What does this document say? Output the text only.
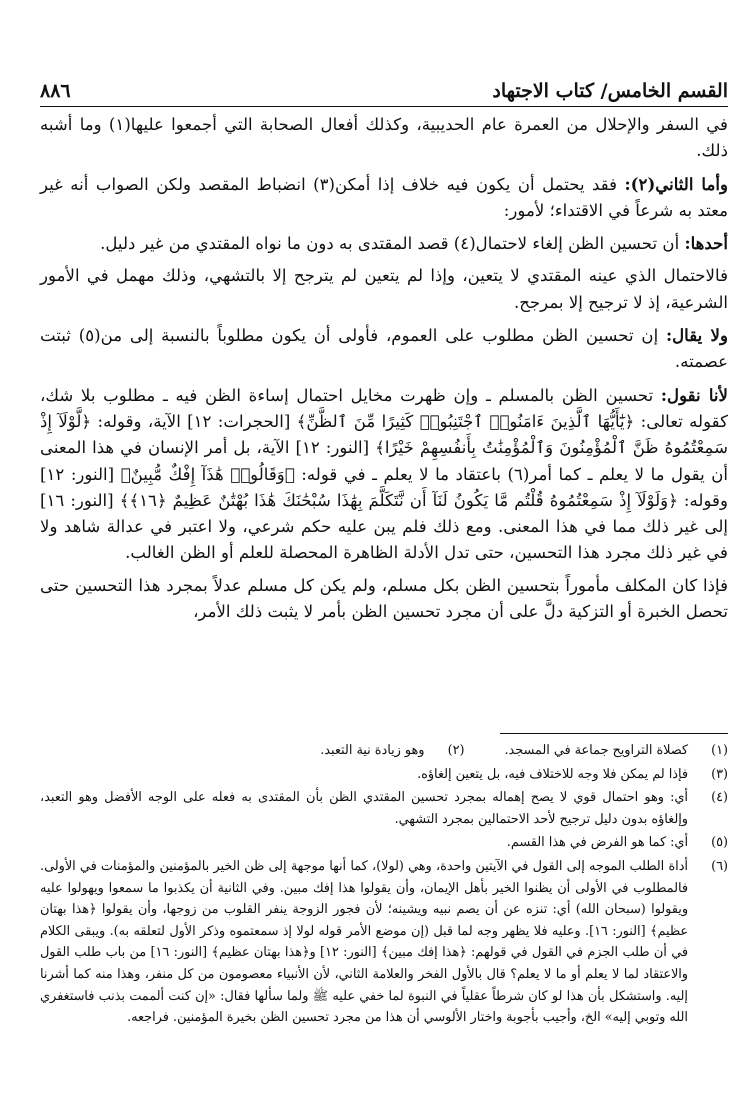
القسم الخامس/ كتاب الاجتهاد
٨٨٦

في السفر والإحلال من العمرة عام الحديبية، وكذلك أفعال الصحابة التي أجمعوا عليها(١) وما أشبه ذلك.

وأما الثاني(٢): فقد يحتمل أن يكون فيه خلاف إذا أمكن(٣) انضباط المقصد ولكن الصواب أنه غير معتد به شرعاً في الاقتداء؛ لأمور:

أحدها: أن تحسين الظن إلغاء لاحتمال(٤) قصد المقتدى به دون ما نواه المقتدي من غير دليل.

فالاحتمال الذي عينه المقتدي لا يتعين، وإذا لم يتعين لم يترجح إلا بالتشهي، وذلك مهمل في الأمور الشرعية، إذ لا ترجيح إلا بمرجح.

ولا يقال: إن تحسين الظن مطلوب على العموم، فأولى أن يكون مطلوباً بالنسبة إلى من(٥) ثبتت عصمته.

لأنا نقول: تحسين الظن بالمسلم ـ وإن ظهرت مخايل احتمال إساءة الظن فيه ـ مطلوب بلا شك، كقوله تعالى: ﴿يَٰٓأَيُّهَا ٱلَّذِينَ ءَامَنُوا۟ ٱجْتَنِبُوا۟ كَثِيرًا مِّنَ ٱلظَّنِّ﴾ [الحجرات: ١٢] الآية، وقوله: ﴿لَّوْلَآ إِذْ سَمِعْتُمُوهُ ظَنَّ ٱلْمُؤْمِنُونَ وَٱلْمُؤْمِنَٰتُ بِأَنفُسِهِمْ خَيْرًا﴾ [النور: ١٢] الآية، بل أمر الإنسان في هذا المعنى أن يقول ما لا يعلم ـ كما أمر(٦) باعتقاد ما لا يعلم ـ في قوله: ﴿وَقَالُوا۟ هَٰذَآ إِفْكٌ مُّبِينٌ﴾ [النور: ١٢] وقوله: ﴿وَلَوْلَآ إِذْ سَمِعْتُمُوهُ قُلْتُم مَّا يَكُونُ لَنَآ أَن نَّتَكَلَّمَ بِهَٰذَا سُبْحَٰنَكَ هَٰذَا بُهْتَٰنٌ عَظِيمٌ ﴿١٦﴾﴾ [النور: ١٦] إلى غير ذلك مما في هذا المعنى. ومع ذلك فلم يبن عليه حكم شرعي، ولا اعتبر في عدالة شاهد ولا في غير ذلك مجرد هذا التحسين، حتى تدل الأدلة الظاهرة المحصلة للعلم أو الظن الغالب.

فإذا كان المكلف مأموراً بتحسين الظن بكل مسلم، ولم يكن كل مسلم عدلاً بمجرد هذا التحسين حتى تحصل الخبرة أو التزكية دلَّ على أن مجرد تحسين الظن بأمر لا يثبت ذلك الأمر،

(١)
كصلاة التراويح جماعة في المسجد.
(٢)
وهو زيادة نية التعبد.
(٣)
فإذا لم يمكن فلا وجه للاختلاف فيه، بل يتعين إلغاؤه.
(٤)
أي: وهو احتمال قوي لا يصح إهماله بمجرد تحسين المقتدي الظن بأن المقتدى به فعله على الوجه الأفضل وهو التعبد، وإلغاؤه بدون دليل ترجيح لأحد الاحتمالين بمجرد التشهي.
(٥)
أي: كما هو الفرض في هذا القسم.
(٦)
أداة الطلب الموجه إلى القول في الآيتين واحدة، وهي (لولا)، كما أنها موجهة إلى ظن الخير بالمؤمنين والمؤمنات في الأولى. فالمطلوب في الأولى أن يظنوا الخير بأهل الإيمان، وأن يقولوا هذا إفك مبين. وفي الثانية أن يكذبوا ما سمعوا ويهولوا عليه ويقولوا (سبحان الله) أي: تنزه عن أن يصم نبيه ويشينه؛ لأن فجور الزوجة ينفر القلوب من زوجها، وأن يقولوا ﴿هذا بهتان عظيم﴾ [النور: ١٦]. وعليه فلا يظهر وجه لما قبل (إن موضع الأمر قوله لولا إذ سمعتموه وذكر الأول لتعلقه به). ويبقى الكلام في أن طلب الجزم في القول في قولهم: ﴿هذا إفك مبين﴾ [النور: ١٢] و﴿هذا بهتان عظيم﴾ [النور: ١٦] من باب طلب القول والاعتقاد لما لا يعلم أو ما لا يعلم؟ قال بالأول الفخر والعلامة الثاني، لأن الأنبياء معصومون من كل منفر، وهذا منه كما أشرنا إليه. واستشكل بأن هذا لو كان شرطاً عقلياً في النبوة لما خفي عليه ﷺ ولما سألها فقال: «إن كنت ألممت بذنب فاستغفري الله وتوبي إليه» الخ، وأجيب بأجوبة واختار الألوسي أن هذا من مجرد تحسين الظن بخيرة المؤمنين. فراجعه.
